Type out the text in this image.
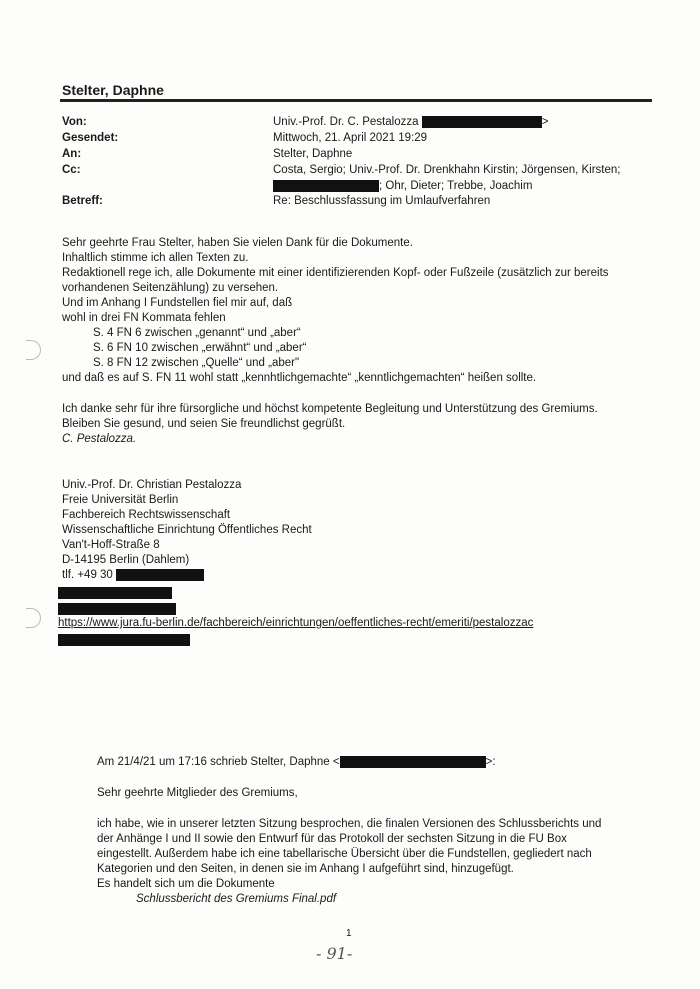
Stelter, Daphne
Von:	Univ.-Prof. Dr. C. Pestalozza	>
Gesendet:	Mittwoch, 21. April 2021 19:29
An:	Stelter, Daphne
Cc:	Costa, Sergio; Univ.-Prof. Dr. Drenkhahn Kirstin; Jörgensen, Kirsten;
; Ohr, Dieter; Trebbe, Joachim
Betreff:	Re: Beschlussfassung im Umlaufverfahren
Sehr geehrte Frau Stelter, haben Sie vielen Dank für die Dokumente.
Inhaltlich stimme ich allen Texten zu.
Redaktionell rege ich, alle Dokumente mit einer identifizierenden Kopf- oder Fußzeile (zusätzlich zur bereits
vorhandenen Seitenzählung) zu versehen.
Und im Anhang I Fundstellen fiel mir auf, daß
wohl in drei FN Kommata fehlen
S. 4 FN 6 zwischen „genannt“ und „aber“
S. 6 FN 10 zwischen „erwähnt“ und „aber“
S. 8 FN 12 zwischen „Quelle“ und „aber"
und daß es auf S. FN 11 wohl statt „kennhtlichgemachte“ „kenntlichgemachten“ heißen sollte.
Ich danke sehr für ihre fürsorgliche und höchst kompetente Begleitung und Unterstützung des Gremiums.
Bleiben Sie gesund, und seien Sie freundlichst gegrüßt.
C. Pestalozza.
Univ.-Prof. Dr. Christian Pestalozza
Freie Universität Berlin
Fachbereich Rechtswissenschaft
Wissenschaftliche Einrichtung Öffentliches Recht
Van't-Hoff-Straße 8
D-14195 Berlin (Dahlem)
tlf. +49 30
https://www.jura.fu-berlin.de/fachbereich/einrichtungen/oeffentliches-recht/emeriti/pestalozzac
Am 21/4/21 um 17:16 schrieb Stelter, Daphne <	>:
Sehr geehrte Mitglieder des Gremiums,
ich habe, wie in unserer letzten Sitzung besprochen, die finalen Versionen des Schlussberichts und
der Anhänge I und II sowie den Entwurf für das Protokoll der sechsten Sitzung in die FU Box
eingestellt. Außerdem habe ich eine tabellarische Übersicht über die Fundstellen, gegliedert nach
Kategorien und den Seiten, in denen sie im Anhang I aufgeführt sind, hinzugefügt.
Es handelt sich um die Dokumente
Schlussbericht des Gremiums Final.pdf
1
- 91-
